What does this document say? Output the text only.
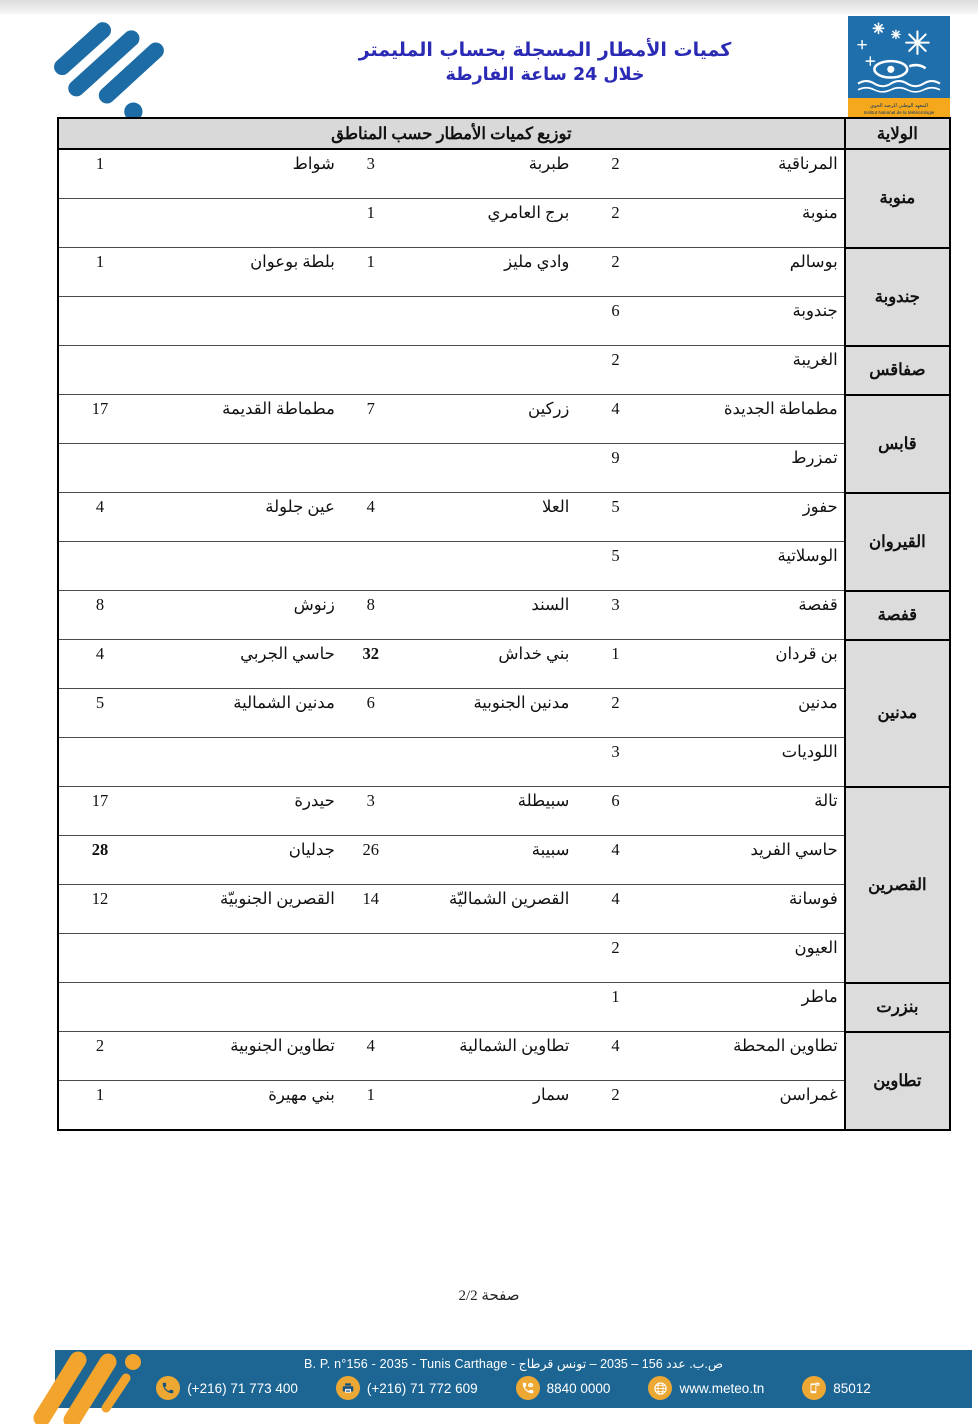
كميات الأمطار المسجلة بحساب المليمتر
خلال 24 ساعة الفارطة
المعهد الوطني للرصد الجوي
Institut National de la Météorologie
الولاية	توزيع كميات الأمطار حسب المناطق					
منوبة	المرناقية	2	طبربة	3	شواط	1
	منوبة	2	برج العامري	1		
جندوبة	بوسالم	2	وادي مليز	1	بلطة بوعوان	1
	جندوبة	6				
صفاقس	الغريبة	2				
قابس	مطماطة الجديدة	4	زركين	7	مطماطة القديمة	17
	تمزرط	9				
القيروان	حفوز	5	العلا	4	عين جلولة	4
	الوسلاتية	5				
قفصة	قفصة	3	السند	8	زنوش	8
مدنين	بن قردان	1	بني خداش	32	حاسي الجربي	4
	مدنين	2	مدنين الجنوبية	6	مدنين الشمالية	5
	اللوديات	3				
القصرين	تالة	6	سبيطلة	3	حيدرة	17
	حاسي الفريد	4	سبيبة	26	جدليان	28
	فوسانة	4	القصرين الشماليّة	14	القصرين الجنوبيّة	12
	العيون	2				
بنزرت	ماطر	1				
تطاوين	تطاوين المحطة	4	تطاوين الشمالية	4	تطاوين الجنوبية	2
	غمراسن	2	سمار	1	بني مهيرة	1
صفحة 2/2
ص.ب. عدد 156 – 2035 – تونس قرطاج - B. P. n°156 - 2035 - Tunis Carthage
(+216) 71 773 400	(+216) 71 772 609	8840 0000	www.meteo.tn	85012
